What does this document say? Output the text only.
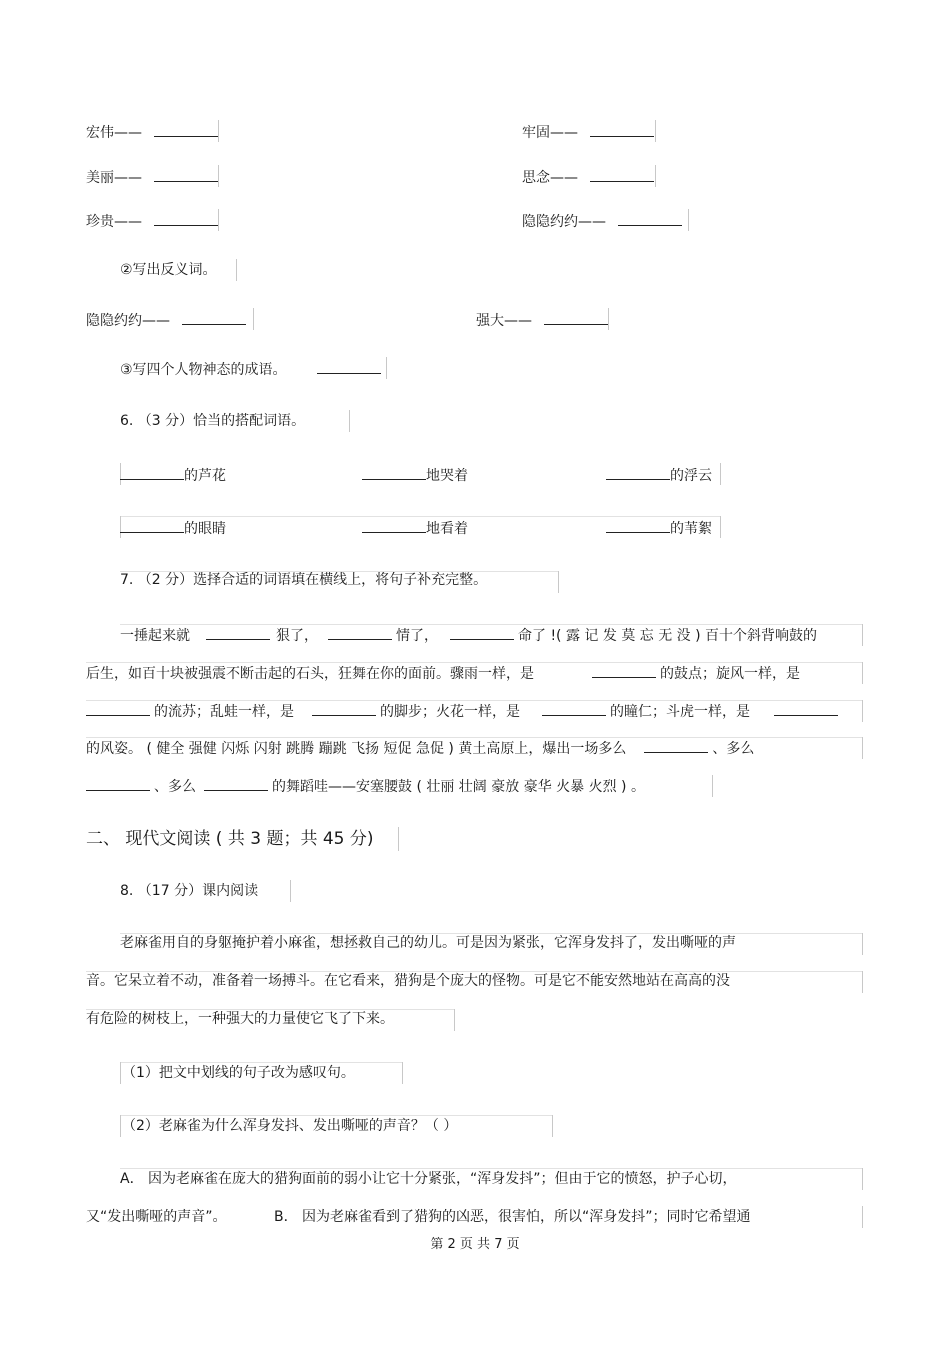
宏伟——	牢固——
美丽——	思念——
珍贵——	隐隐约约——
②写出反义词。
隐隐约约——	强大——
③写四个人物神态的成语。
6. （3 分）恰当的搭配词语。
的芦花	地哭着	的浮云
的眼睛	地看着	的苇絮
7. （2 分）选择合适的词语填在横线上，将句子补充完整。
一捶起来就	狠了，	情了，	命了 !( 露 记 发 莫 忘 无 没 ) 百十个斜背响鼓的
后生，如百十块被强震不断击起的石头，狂舞在你的面前。骤雨一样，是	的鼓点；旋风一样，是
的流苏；乱蛙一样，是	的脚步；火花一样，是	的瞳仁；斗虎一样，是
的风姿。 ( 健全 强健 闪烁 闪射 跳腾 蹦跳 飞扬 短促 急促 ) 黄土高原上，爆出一场多么	、多么
、多么	的舞蹈哇——安塞腰鼓 ( 壮丽 壮阔 豪放 豪华 火暴 火烈 ) 。
二、 现代文阅读 ( 共 3 题；共 45 分)
8. （17 分）课内阅读
老麻雀用自的身躯掩护着小麻雀，想拯救自己的幼儿。可是因为紧张，它浑身发抖了，发出嘶哑的声
音。它呆立着不动，准备着一场搏斗。在它看来，猎狗是个庞大的怪物。可是它不能安然地站在高高的没
有危险的树枝上，一种强大的力量使它飞了下来。
（1）把文中划线的句子改为感叹句。
（2）老麻雀为什么浑身发抖、发出嘶哑的声音？（ ）
A． 因为老麻雀在庞大的猎狗面前的弱小让它十分紧张，“浑身发抖”；但由于它的愤怒，护子心切，
又“发出嘶哑的声音”。	B． 因为老麻雀看到了猎狗的凶恶，很害怕，所以“浑身发抖”；同时它希望通
第 2 页 共 7 页
